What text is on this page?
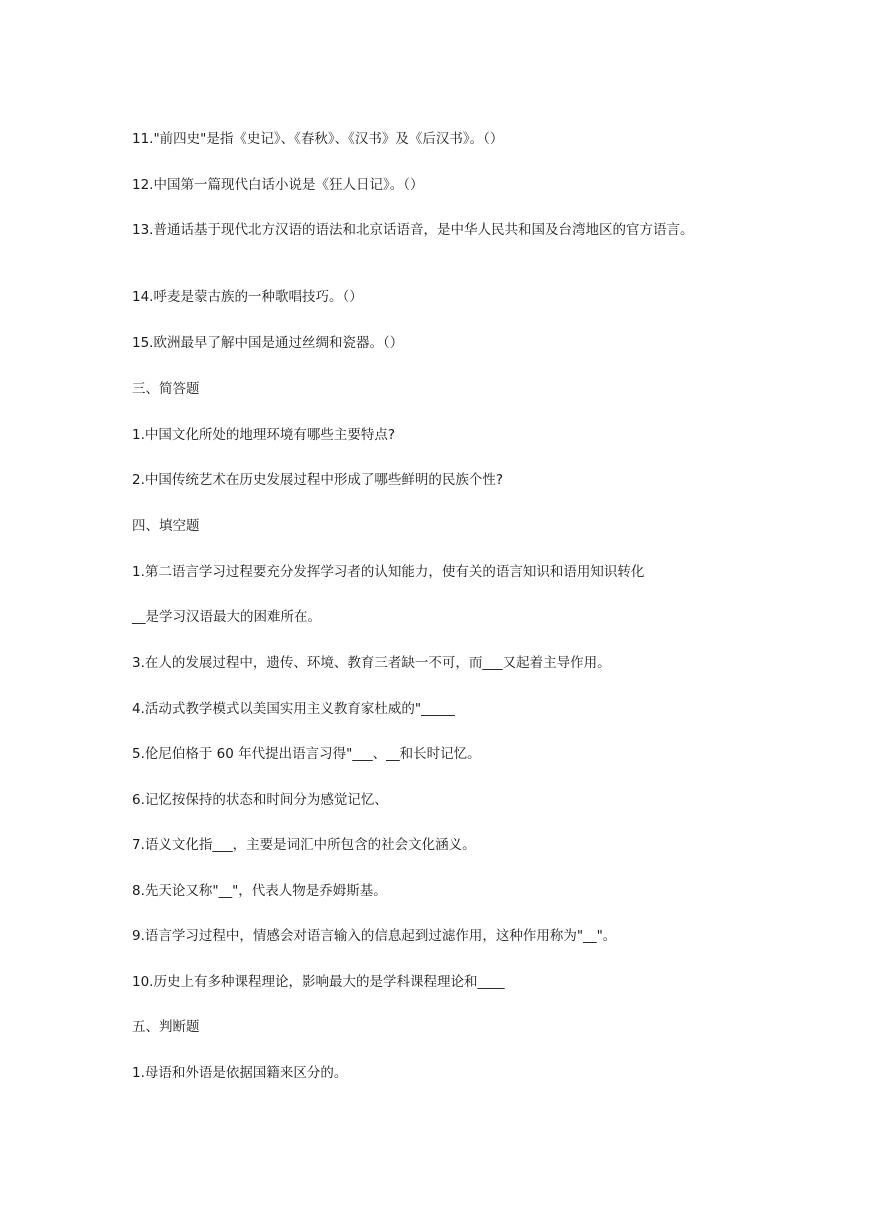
11."前四史"是指《史记》、《春秋》、《汉书》及《后汉书》。（）
12.中国第一篇现代白话小说是《狂人日记》。（）
13.普通话基于现代北方汉语的语法和北京话语音，是中华人民共和国及台湾地区的官方语言。
14.呼麦是蒙古族的一种歌唱技巧。（）
15.欧洲最早了解中国是通过丝绸和瓷器。（）
三、简答题
1.中国文化所处的地理环境有哪些主要特点?
2.中国传统艺术在历史发展过程中形成了哪些鲜明的民族个性?
四、填空题
1.第二语言学习过程要充分发挥学习者的认知能力，使有关的语言知识和语用知识转化
__是学习汉语最大的困难所在。
3.在人的发展过程中，遗传、环境、教育三者缺一不可，而___又起着主导作用。
4.活动式教学模式以美国实用主义教育家杜威的"_____
5.伦尼伯格于 60 年代提出语言习得"___、__和长时记忆。
6.记忆按保持的状态和时间分为感觉记忆、
7.语义文化指___，主要是词汇中所包含的社会文化涵义。
8.先天论又称"__"，代表人物是乔姆斯基。
9.语言学习过程中，情感会对语言输入的信息起到过滤作用，这种作用称为"__"。
10.历史上有多种课程理论，影响最大的是学科课程理论和____
五、判断题
1.母语和外语是依据国籍来区分的。
